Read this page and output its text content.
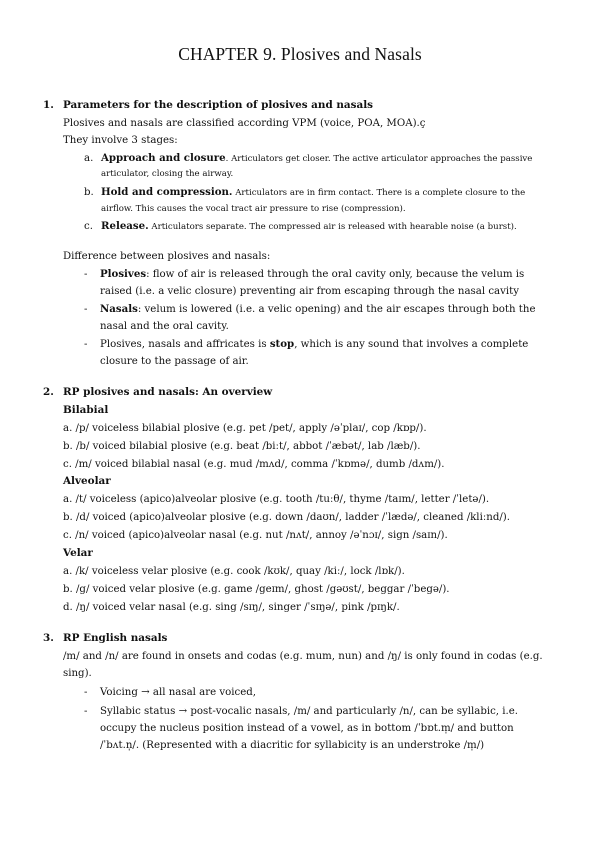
CHAPTER 9. Plosives and Nasals
1. Parameters for the description of plosives and nasals
Plosives and nasals are classified according VPM (voice, POA, MOA).ç
They involve 3 stages:
a. Approach and closure. Articulators get closer. The active articulator approaches the passive
articulator, closing the airway.
b. Hold and compression. Articulators are in firm contact. There is a complete closure to the
airflow. This causes the vocal tract air pressure to rise (compression).
c. Release. Articulators separate. The compressed air is released with hearable noise (a burst).
Difference between plosives and nasals:
- Plosives: flow of air is released through the oral cavity only, because the velum is
raised (i.e. a velic closure) preventing air from escaping through the nasal cavity
- Nasals: velum is lowered (i.e. a velic opening) and the air escapes through both the
nasal and the oral cavity.
- Plosives, nasals and affricates is stop, which is any sound that involves a complete
closure to the passage of air.
2. RP plosives and nasals: An overview
Bilabial
a. /p/ voiceless bilabial plosive (e.g. pet /pet/, apply /əˈplaɪ/, cop /kɒp/).
b. /b/ voiced bilabial plosive (e.g. beat /biːt/, abbot /ˈæbət/, lab /læb/).
c. /m/ voiced bilabial nasal (e.g. mud /mʌd/, comma /ˈkɒmə/, dumb /dʌm/).
Alveolar
a. /t/ voiceless (apico)alveolar plosive (e.g. tooth /tuːθ/, thyme /taɪm/, letter /ˈletə/).
b. /d/ voiced (apico)alveolar plosive (e.g. down /daʊn/, ladder /ˈlædə/, cleaned /kliːnd/).
c. /n/ voiced (apico)alveolar nasal (e.g. nut /nʌt/, annoy /əˈnɔɪ/, sign /saɪn/).
Velar
a. /k/ voiceless velar plosive (e.g. cook /kʊk/, quay /kiː/, lock /lɒk/).
b. /g/ voiced velar plosive (e.g. game /geɪm/, ghost /gəʊst/, beggar /ˈbegə/).
d. /ŋ/ voiced velar nasal (e.g. sing /sɪŋ/, singer /ˈsɪŋə/, pink /pɪŋk/.
3. RP English nasals
/m/ and /n/ are found in onsets and codas (e.g. mum, nun) and /ŋ/ is only found in codas (e.g.
sing).
- Voicing → all nasal are voiced,
- Syllabic status → post-vocalic nasals, /m/ and particularly /n/, can be syllabic, i.e.
occupy the nucleus position instead of a vowel, as in bottom /ˈbɒt.m̩/ and button
/ˈbʌt.n̩/. (Represented with a diacritic for syllabicity is an understroke /m̩/)
